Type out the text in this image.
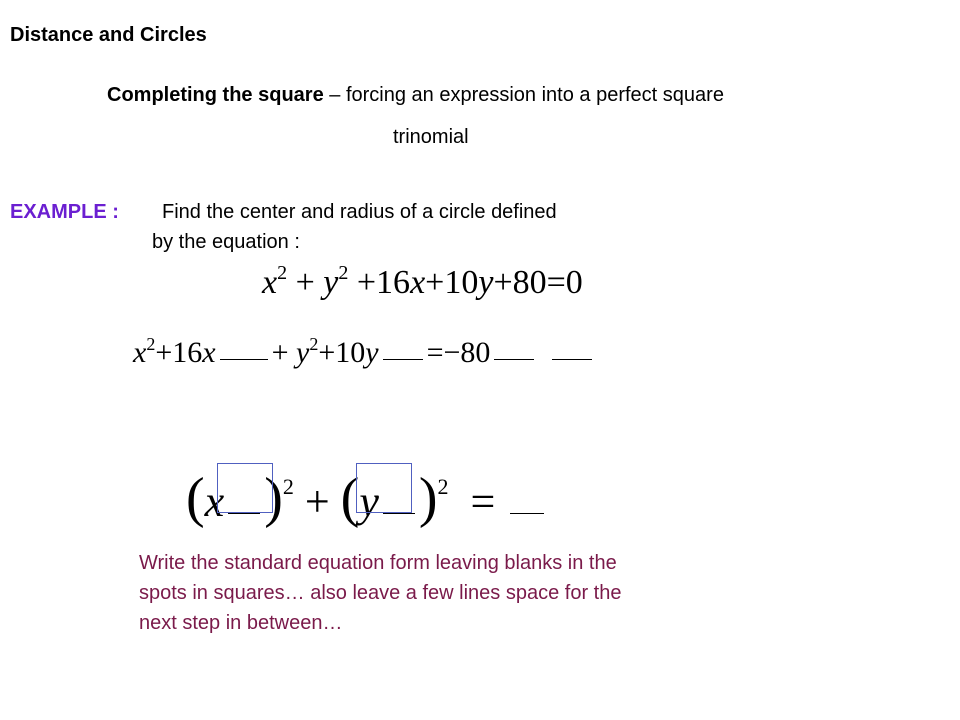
Distance and Circles
Completing the square – forcing an expression into a perfect square
trinomial
EXAMPLE : Find the center and radius of a circle defined
by the equation :
$x^2 + y^2 +16x+10y+80=0$
$x^2+16x + y^2+10y =-80$
(x )$^2$ + (y )$^2$  =
Write the standard equation form leaving blanks in the spots in squares… also leave a few lines space for the next step in between…
